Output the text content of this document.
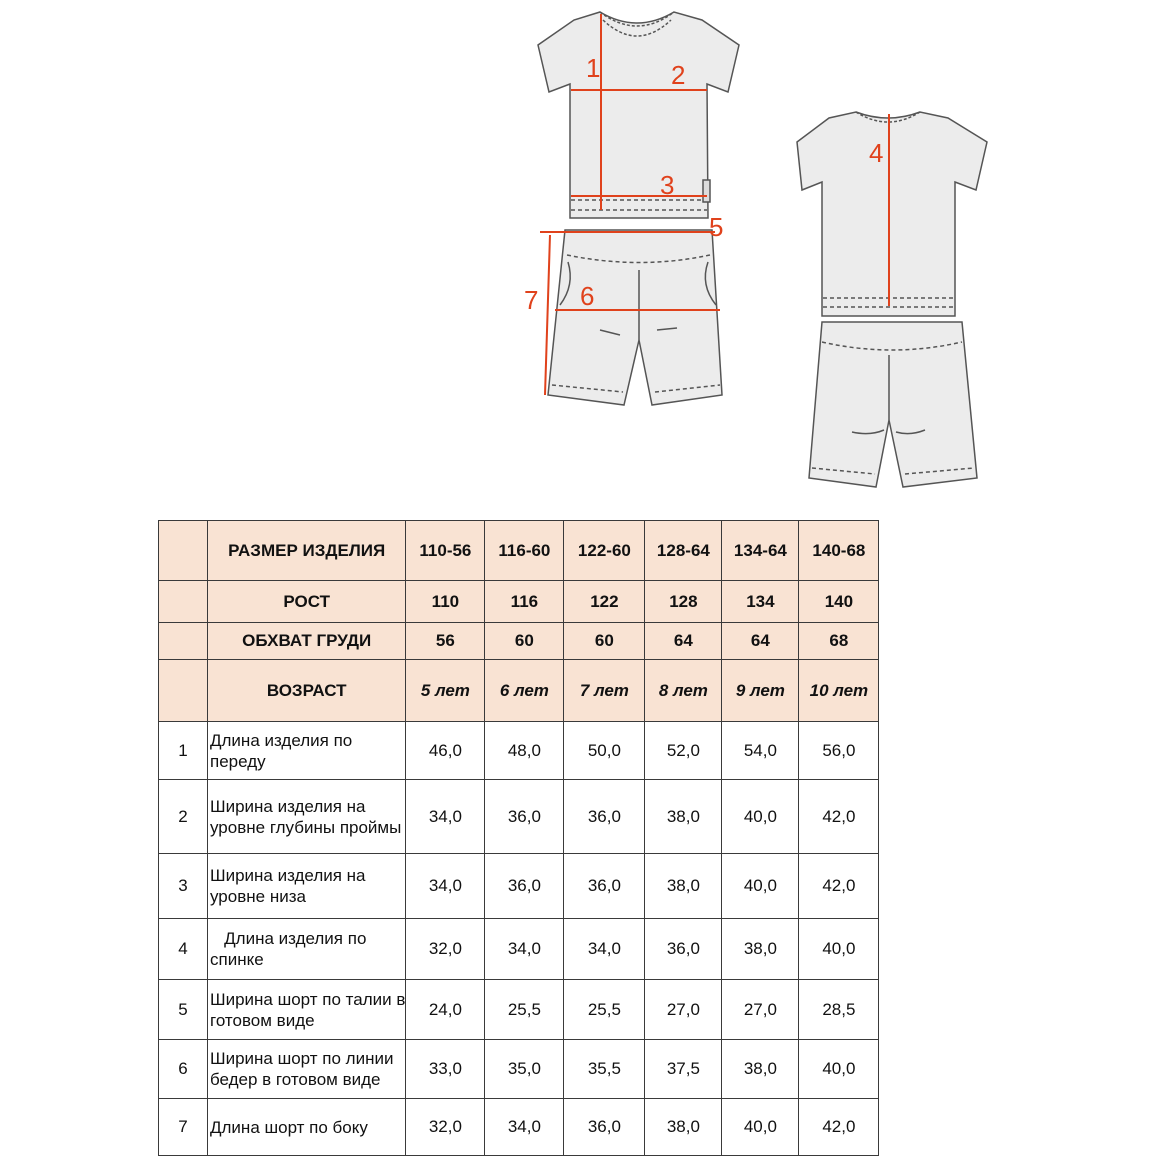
1	2
3
4
5
6
7
	РАЗМЕР ИЗДЕЛИЯ	110-56	116-60	122-60	128-64	134-64	140-68
	РОСТ	110	116	122	128	134	140
	ОБХВАТ ГРУДИ	56	60	60	64	64	68
	ВОЗРАСТ	5 лет	6 лет	7 лет	8 лет	9 лет	10 лет
1	Длина изделия по
переду	46,0	48,0	50,0	52,0	54,0	56,0
2	Ширина изделия на
уровне глубины проймы	34,0	36,0	36,0	38,0	40,0	42,0
3	Ширина изделия на
уровне низа	34,0	36,0	36,0	38,0	40,0	42,0
4	Длина изделия по
спинке	32,0	34,0	34,0	36,0	38,0	40,0
5	Ширина шорт по талии в
готовом виде	24,0	25,5	25,5	27,0	27,0	28,5
6	Ширина шорт по линии
бедер в готовом виде	33,0	35,0	35,5	37,5	38,0	40,0
7	Длина шорт по боку	32,0	34,0	36,0	38,0	40,0	42,0
